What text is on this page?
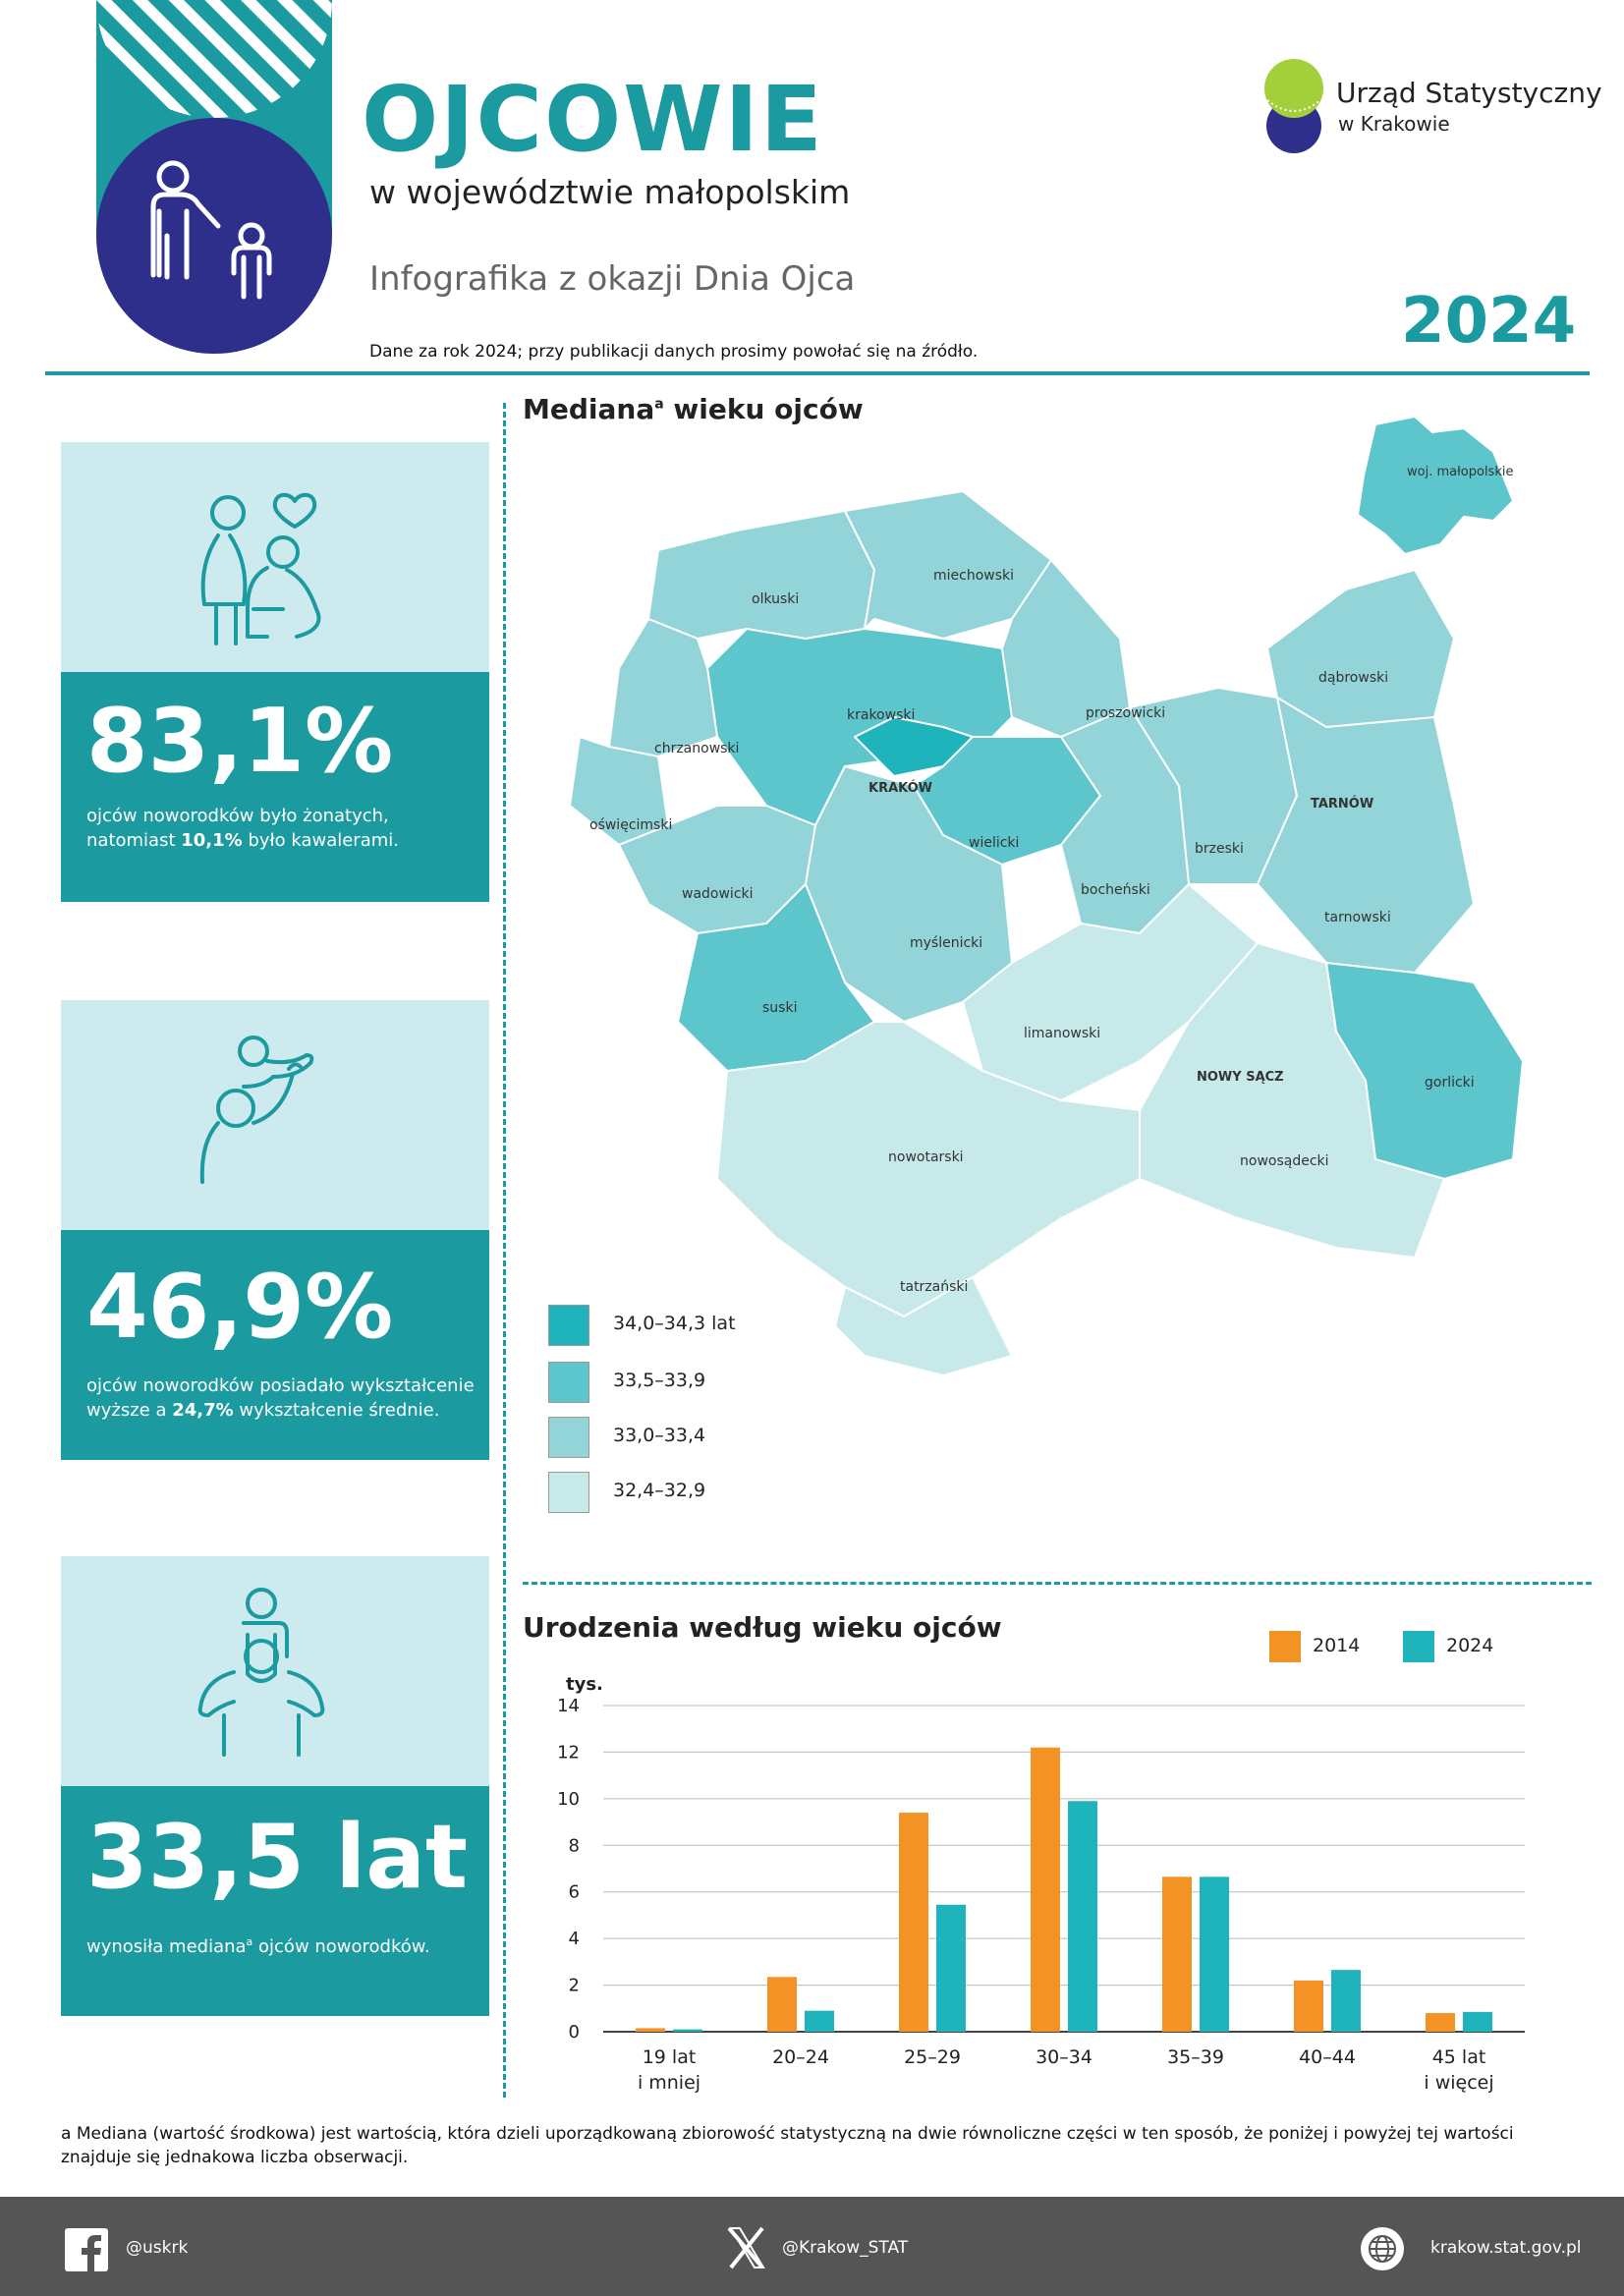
OJCOWIE
w województwie małopolskim
Infografika z okazji Dnia Ojca
2024
Dane za rok 2024; przy publikacji danych prosimy powołać się na źródło.
Urząd Statystyczny
w Krakowie
83,1%
ojców noworodków było żonatych, natomiast 10,1% było kawalerami.
46,9%
ojców noworodków posiadało wykształcenie wyższe a 24,7% wykształcenie średnie.
33,5 lat
wynosiła mediana$^a$ ojców noworodków.
Mediana$^a$ wieku ojców
woj. małopolskie
olkuski
miechowski
krakowski	proszowicki
dąbrowski
chrzanowski
KRAKÓW
TARNÓW
oświęcimski
wielicki	brzeski
wadowicki	bocheński
tarnowski
myślenicki
suski
limanowski
NOWY SĄCZ	gorlicki
nowotarski	nowosądecki
tatrzański
34,0–34,3 lat
33,5–33,9
33,0–33,4
32,4–32,9
Urodzenia według wieku ojców
2014	2024
tys.
0
2
4
6
8
10
12
14
19 lat
i mniej
20–24	25–29	30–34	35–39	40–44	45 lat
i więcej
a Mediana (wartość środkowa) jest wartością, która dzieli uporządkowaną zbiorowość statystyczną na dwie równoliczne części w ten sposób, że poniżej i powyżej tej wartości znajduje się jednakowa liczba obserwacji.
@uskrk	@Krakow_STAT	krakow.stat.gov.pl
